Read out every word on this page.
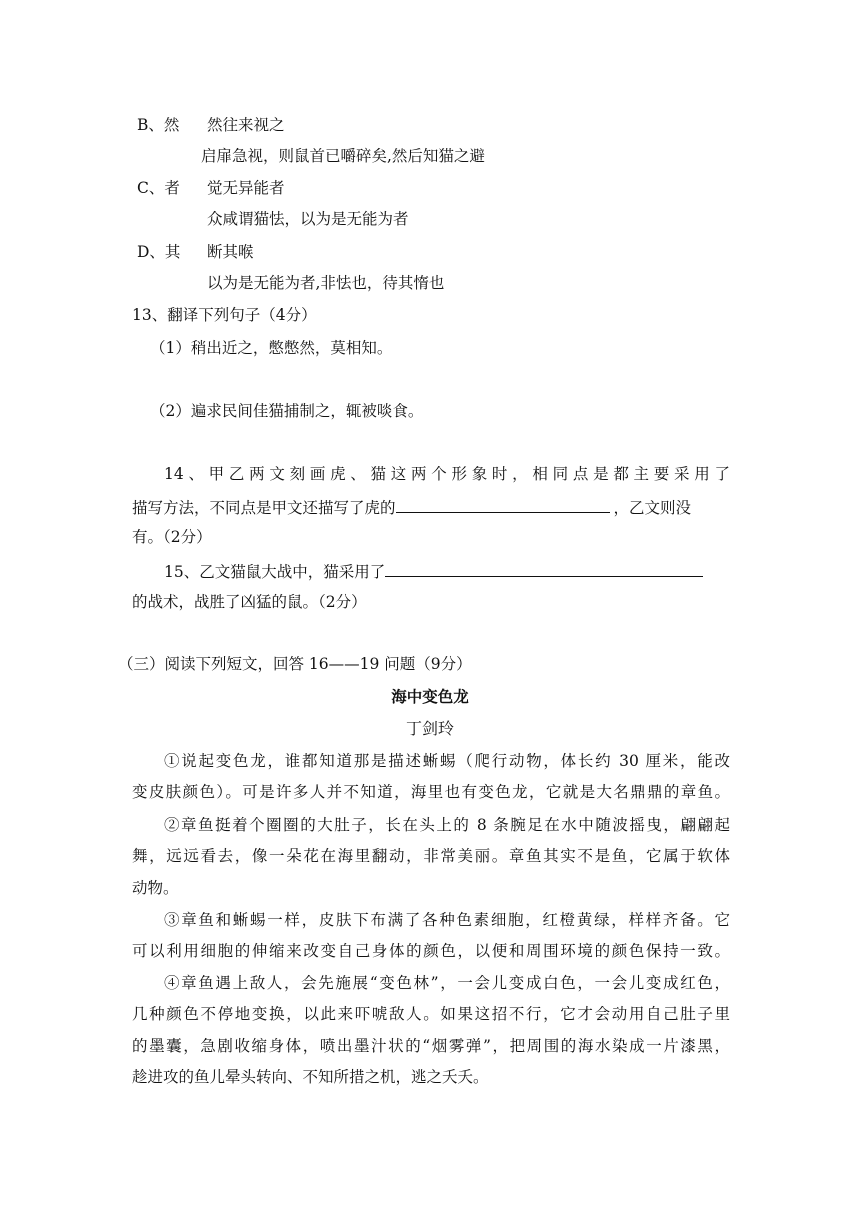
B、然 然往来视之
启扉急视，则鼠首已嚼碎矣,然后知猫之避
C、者 觉无异能者
众咸谓猫怯，以为是无能为者
D、其 断其喉
以为是无能为者,非怯也，待其惰也
13、翻译下列句子（4分）
（1）稍出近之，憋憋然，莫相知。
（2）遍求民间佳猫捕制之，辄被啖食。
14、甲乙两文刻画虎、猫这两个形象时，相同点是都主要采用了
描写方法，不同点是甲文还描写了虎的	，乙文则没
有。（2分）
15、乙文猫鼠大战中，猫采用了
的战术，战胜了凶猛的鼠。（2分）
（三）阅读下列短文，回答 16——19 问题（9分）
海中变色龙
丁剑玲
①说起变色龙，谁都知道那是描述蜥蜴（爬行动物，体长约 30 厘米，能改
变皮肤颜色）。可是许多人并不知道，海里也有变色龙，它就是大名鼎鼎的章鱼。
②章鱼挺着个圈圈的大肚子，长在头上的 8 条腕足在水中随波摇曳，翩翩起
舞，远远看去，像一朵花在海里翻动，非常美丽。章鱼其实不是鱼，它属于软体
动物。
③章鱼和蜥蜴一样，皮肤下布满了各种色素细胞，红橙黄绿，样样齐备。它
可以利用细胞的伸缩来改变自己身体的颜色，以便和周围环境的颜色保持一致。
④章鱼遇上敌人，会先施展“变色林”，一会儿变成白色，一会儿变成红色，
几种颜色不停地变换，以此来吓唬敌人。如果这招不行，它才会动用自己肚子里
的墨囊，急剧收缩身体，喷出墨汁状的“烟雾弹”，把周围的海水染成一片漆黑，
趁进攻的鱼儿晕头转向、不知所措之机，逃之夭夭。
